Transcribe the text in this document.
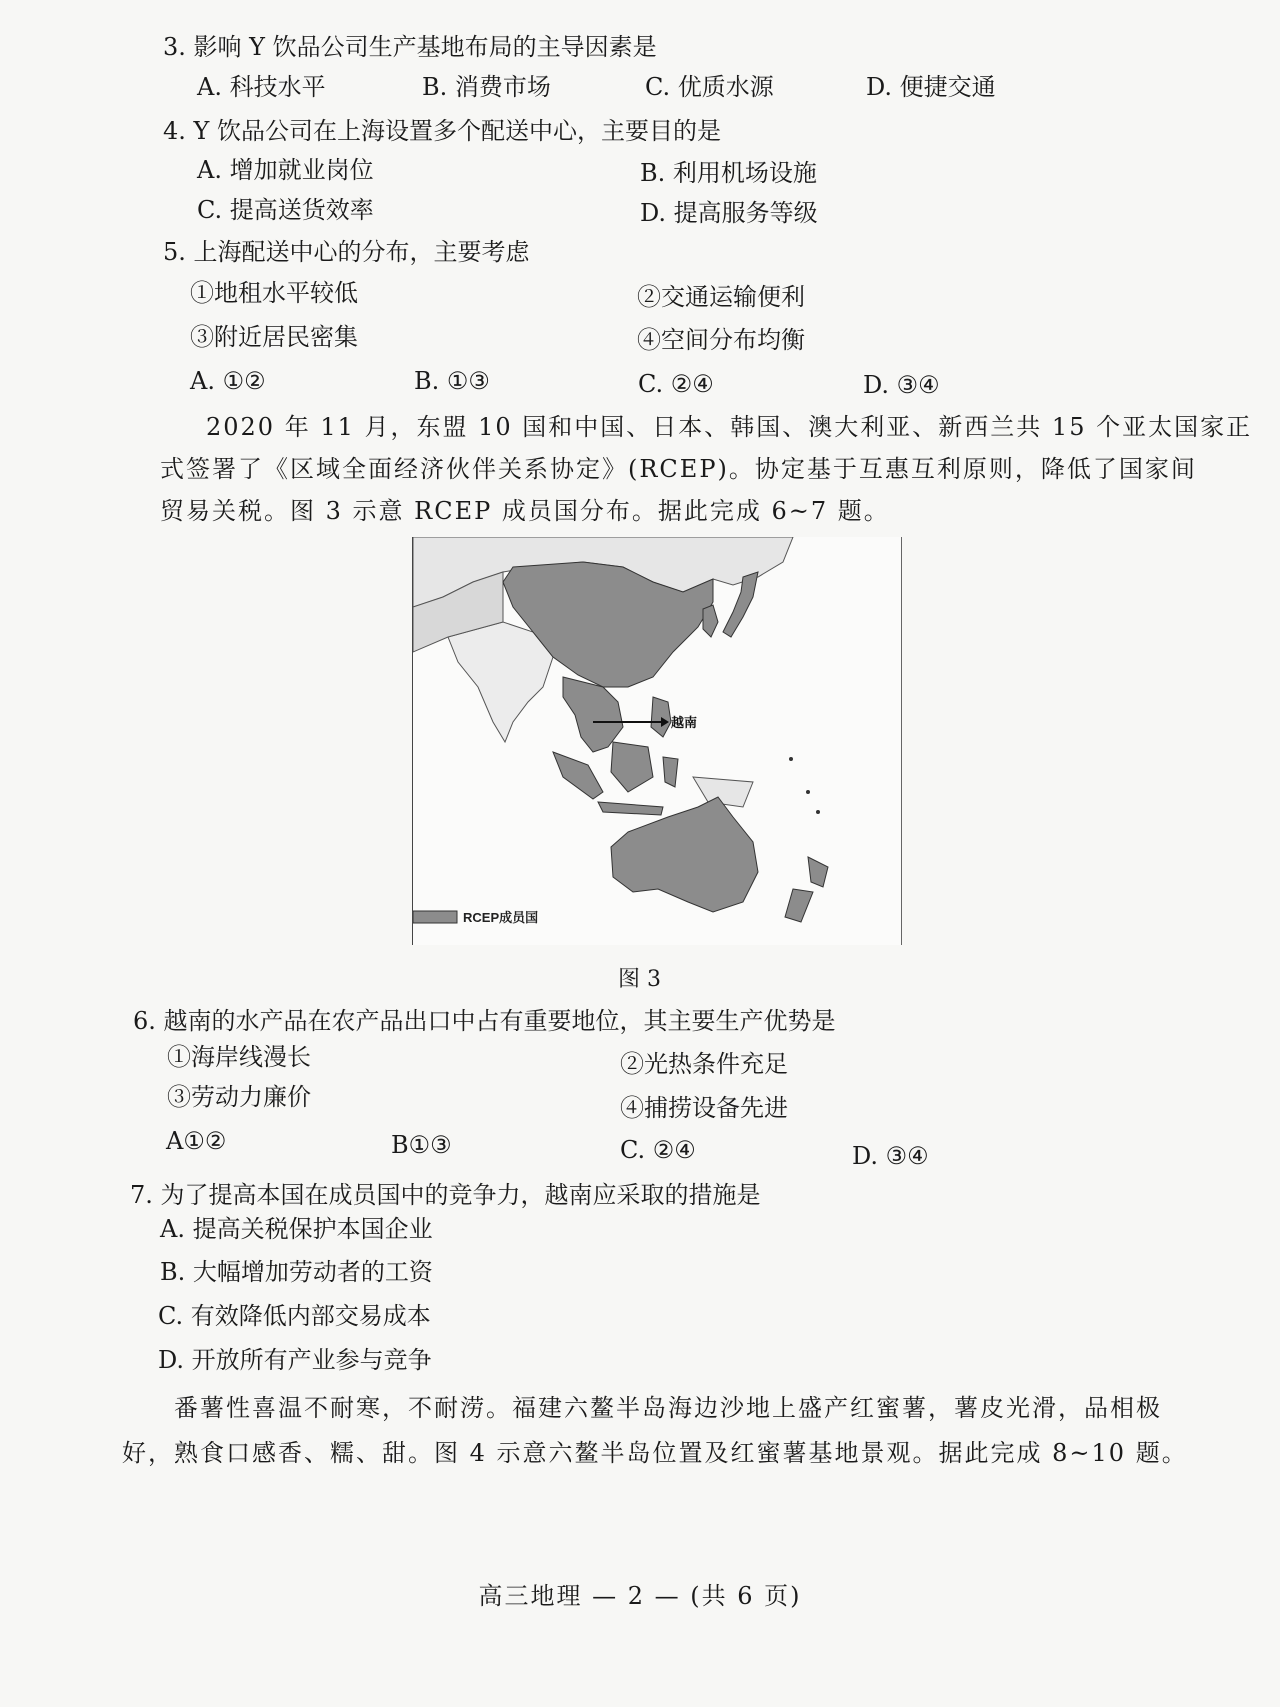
3. 影响 Y 饮品公司生产基地布局的主导因素是
A. 科技水平	B. 消费市场	C. 优质水源	D. 便捷交通
4. Y 饮品公司在上海设置多个配送中心，主要目的是
A. 增加就业岗位	B. 利用机场设施
C. 提高送货效率	D. 提高服务等级
5. 上海配送中心的分布，主要考虑
①地租水平较低	②交通运输便利
③附近居民密集	④空间分布均衡
A. ①②	B. ①③	C. ②④	D. ③④
2020 年 11 月，东盟 10 国和中国、日本、韩国、澳大利亚、新西兰共 15 个亚太国家正
式签署了《区域全面经济伙伴关系协定》(RCEP)。协定基于互惠互利原则，降低了国家间
贸易关税。图 3 示意 RCEP 成员国分布。据此完成 6~7 题。
越南
RCEP成员国
图 3
6. 越南的水产品在农产品出口中占有重要地位，其主要生产优势是
①海岸线漫长	②光热条件充足
③劳动力廉价	④捕捞设备先进
A①②	B①③	C. ②④	D. ③④
7. 为了提高本国在成员国中的竞争力，越南应采取的措施是
A. 提高关税保护本国企业
B. 大幅增加劳动者的工资
C. 有效降低内部交易成本
D. 开放所有产业参与竞争
番薯性喜温不耐寒，不耐涝。福建六鳌半岛海边沙地上盛产红蜜薯，薯皮光滑，品相极
好，熟食口感香、糯、甜。图 4 示意六鳌半岛位置及红蜜薯基地景观。据此完成 8~10 题。
高三地理 — 2 — (共 6 页)
